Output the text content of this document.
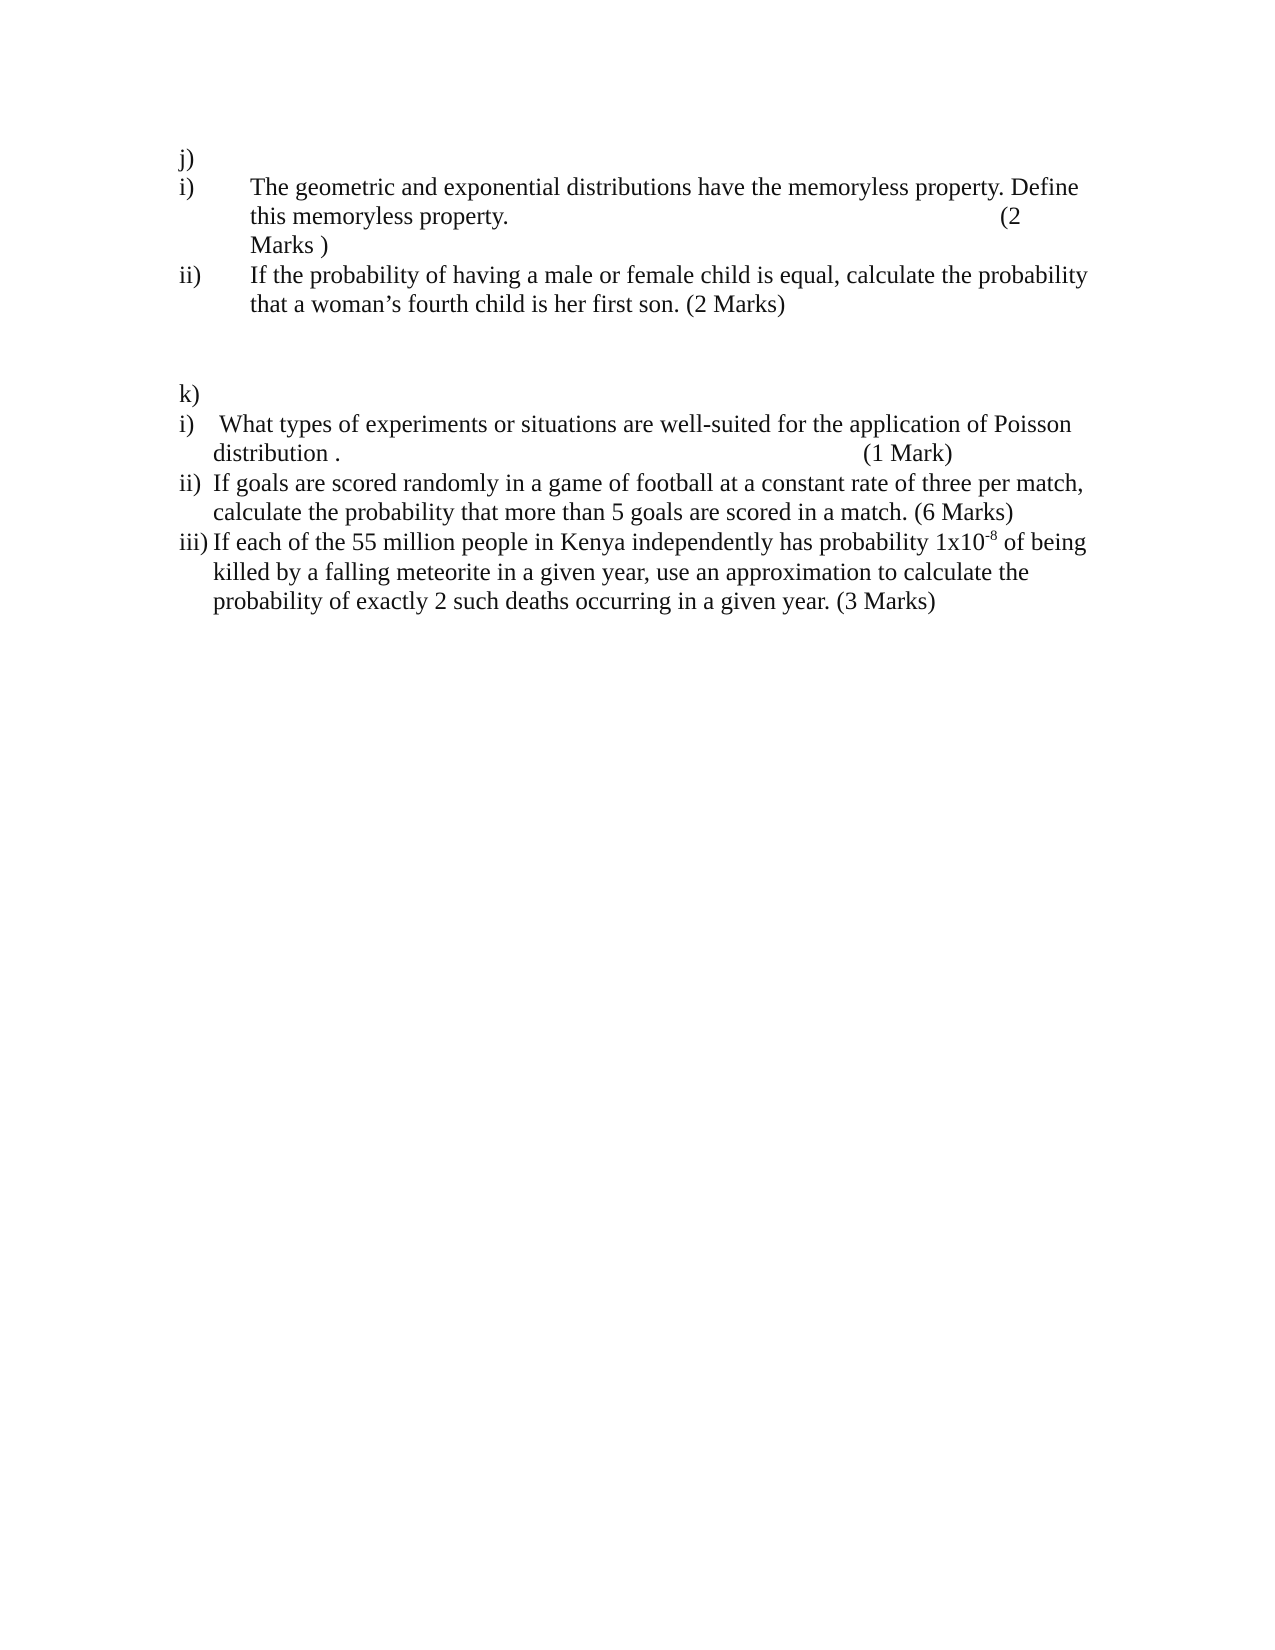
j)
i) The geometric and exponential distributions have the memoryless property. Define
this memoryless property.	(2
Marks )
ii) If the probability of having a male or female child is equal, calculate the probability
that a woman’s fourth child is her first son. (2 Marks)
k)
i) What types of experiments or situations are well-suited for the application of Poisson
distribution .	(1 Mark)
ii) If goals are scored randomly in a game of football at a constant rate of three per match,
calculate the probability that more than 5 goals are scored in a match. (6 Marks)
iii) If each of the 55 million people in Kenya independently has probability $1x10^{-8}$ of being
killed by a falling meteorite in a given year, use an approximation to calculate the
probability of exactly 2 such deaths occurring in a given year. (3 Marks)
